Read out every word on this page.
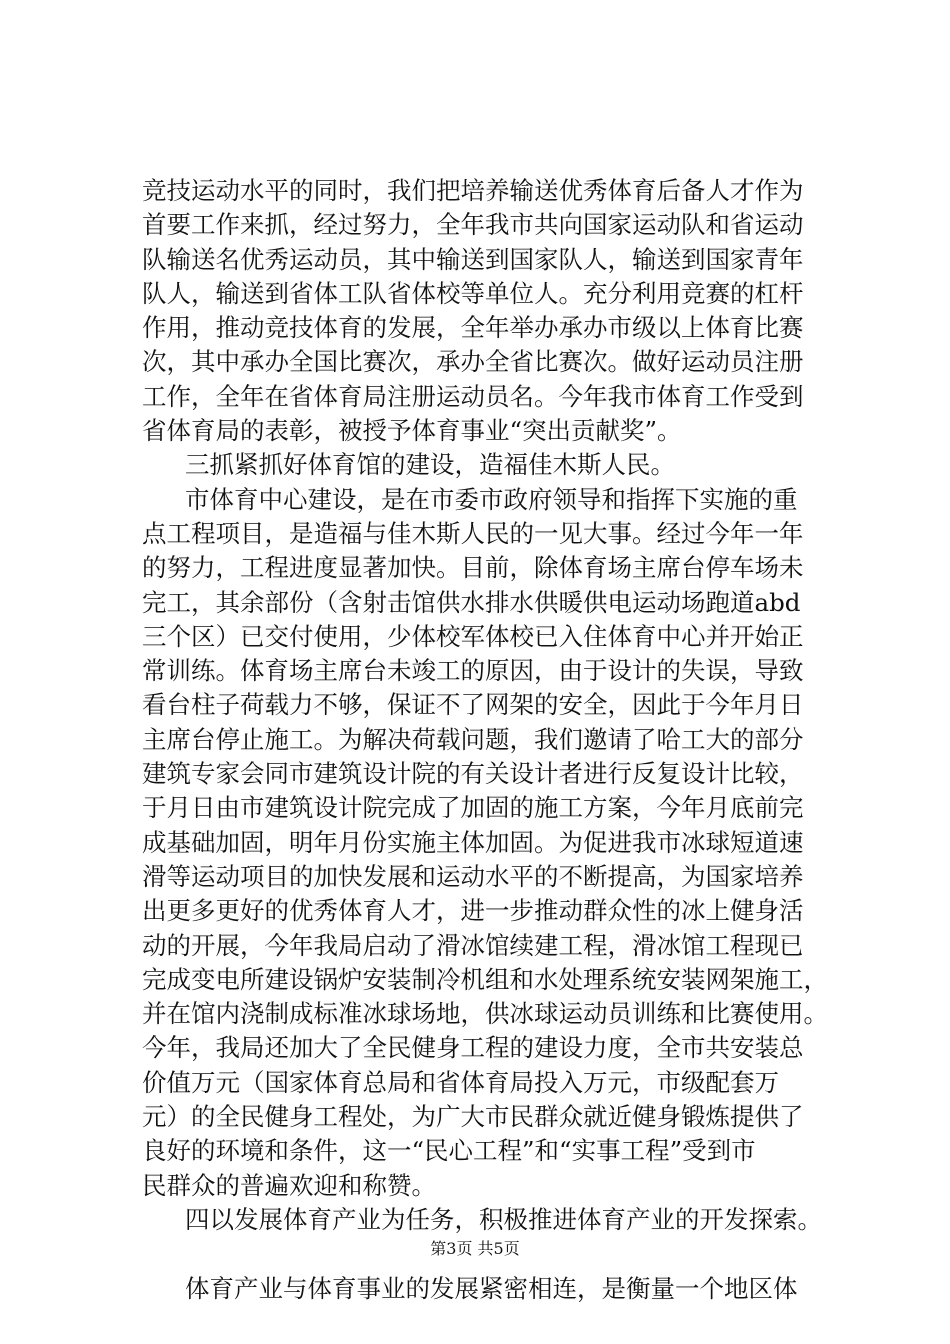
竞技运动水平的同时，我们把培养输送优秀体育后备人才作为
首要工作来抓，经过努力，全年我市共向国家运动队和省运动
队输送名优秀运动员，其中输送到国家队人，输送到国家青年
队人，输送到省体工队省体校等单位人。充分利用竞赛的杠杆
作用，推动竞技体育的发展，全年举办承办市级以上体育比赛
次，其中承办全国比赛次，承办全省比赛次。做好运动员注册
工作，全年在省体育局注册运动员名。今年我市体育工作受到
省体育局的表彰，被授予体育事业“突出贡献奖”。
三抓紧抓好体育馆的建设，造福佳木斯人民。
市体育中心建设，是在市委市政府领导和指挥下实施的重
点工程项目，是造福与佳木斯人民的一见大事。经过今年一年
的努力，工程进度显著加快。目前，除体育场主席台停车场未
完工，其余部份（含射击馆供水排水供暖供电运动场跑道abd
三个区）已交付使用，少体校军体校已入住体育中心并开始正
常训练。体育场主席台未竣工的原因，由于设计的失误，导致
看台柱子荷载力不够，保证不了网架的安全，因此于今年月日
主席台停止施工。为解决荷载问题，我们邀请了哈工大的部分
建筑专家会同市建筑设计院的有关设计者进行反复设计比较，
于月日由市建筑设计院完成了加固的施工方案，今年月底前完
成基础加固，明年月份实施主体加固。为促进我市冰球短道速
滑等运动项目的加快发展和运动水平的不断提高，为国家培养
出更多更好的优秀体育人才，进一步推动群众性的冰上健身活
动的开展，今年我局启动了滑冰馆续建工程，滑冰馆工程现已
完成变电所建设锅炉安装制冷机组和水处理系统安装网架施工，
并在馆内浇制成标准冰球场地，供冰球运动员训练和比赛使用。
今年，我局还加大了全民健身工程的建设力度，全市共安装总
价值万元（国家体育总局和省体育局投入万元，市级配套万
元）的全民健身工程处，为广大市民群众就近健身锻炼提供了
良好的环境和条件，这一“民心工程”和“实事工程”受到市
民群众的普遍欢迎和称赞。
四以发展体育产业为任务，积极推进体育产业的开发探索。
体育产业与体育事业的发展紧密相连，是衡量一个地区体
第3页 共5页
